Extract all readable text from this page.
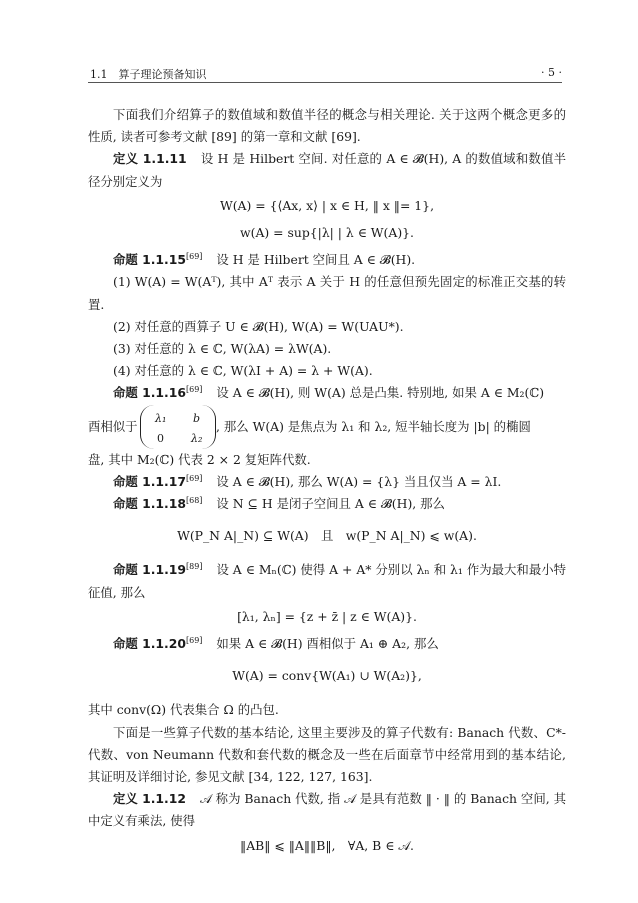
1.1　算子理论预备知识	· 5 ·

下面我们介绍算子的数值域和数值半径的概念与相关理论. 关于这两个概念更多的性质, 读者可参考文献 [89] 的第一章和文献 [69].

定义 1.1.11 设 H 是 Hilbert 空间. 对任意的 A ∈ 𝓑(H), A 的数值域和数值半径分别定义为

W(A) = {⟨Ax, x⟩ | x ∈ H, ‖ x ‖= 1},
w(A) = sup{|λ| | λ ∈ W(A)}.

命题 1.1.15[69] 设 H 是 Hilbert 空间且 A ∈ 𝓑(H).

(1) W(A) = W(Aᵀ), 其中 Aᵀ 表示 A 关于 H 的任意但预先固定的标准正交基的转置.

(2) 对任意的酉算子 U ∈ 𝓑(H), W(A) = W(UAU*).

(3) 对任意的 λ ∈ ℂ, W(λA) = λW(A).

(4) 对任意的 λ ∈ ℂ, W(λI + A) = λ + W(A).

命题 1.1.16[69] 设 A ∈ 𝓑(H), 则 W(A) 总是凸集. 特别地, 如果 A ∈ M₂(ℂ)

酉相似于
λ₁ b
0 λ₂
, 那么 W(A) 是焦点为 λ₁ 和 λ₂, 短半轴长度为 |b| 的椭圆

盘, 其中 M₂(ℂ) 代表 2 × 2 复矩阵代数.

命题 1.1.17[69] 设 A ∈ 𝓑(H), 那么 W(A) = {λ} 当且仅当 A = λI.

命题 1.1.18[68] 设 N ⊆ H 是闭子空间且 A ∈ 𝓑(H), 那么

W(P_N A|_N) ⊆ W(A)　且　w(P_N A|_N) ⩽ w(A).

命题 1.1.19[89] 设 A ∈ Mₙ(ℂ) 使得 A + A* 分别以 λₙ 和 λ₁ 作为最大和最小特征值, 那么

[λ₁, λₙ] = {z + z̄ | z ∈ W(A)}.

命题 1.1.20[69] 如果 A ∈ 𝓑(H) 酉相似于 A₁ ⊕ A₂, 那么

W(A) = conv{W(A₁) ∪ W(A₂)},

其中 conv(Ω) 代表集合 Ω 的凸包.

下面是一些算子代数的基本结论, 这里主要涉及的算子代数有: Banach 代数、C*-代数、von Neumann 代数和套代数的概念及一些在后面章节中经常用到的基本结论, 其证明及详细讨论, 参见文献 [34, 122, 127, 163].

定义 1.1.12 𝒜 称为 Banach 代数, 指 𝒜 是具有范数 ‖ · ‖ 的 Banach 空间, 其中定义有乘法, 使得

‖AB‖ ⩽ ‖A‖‖B‖,　∀A, B ∈ 𝒜.
